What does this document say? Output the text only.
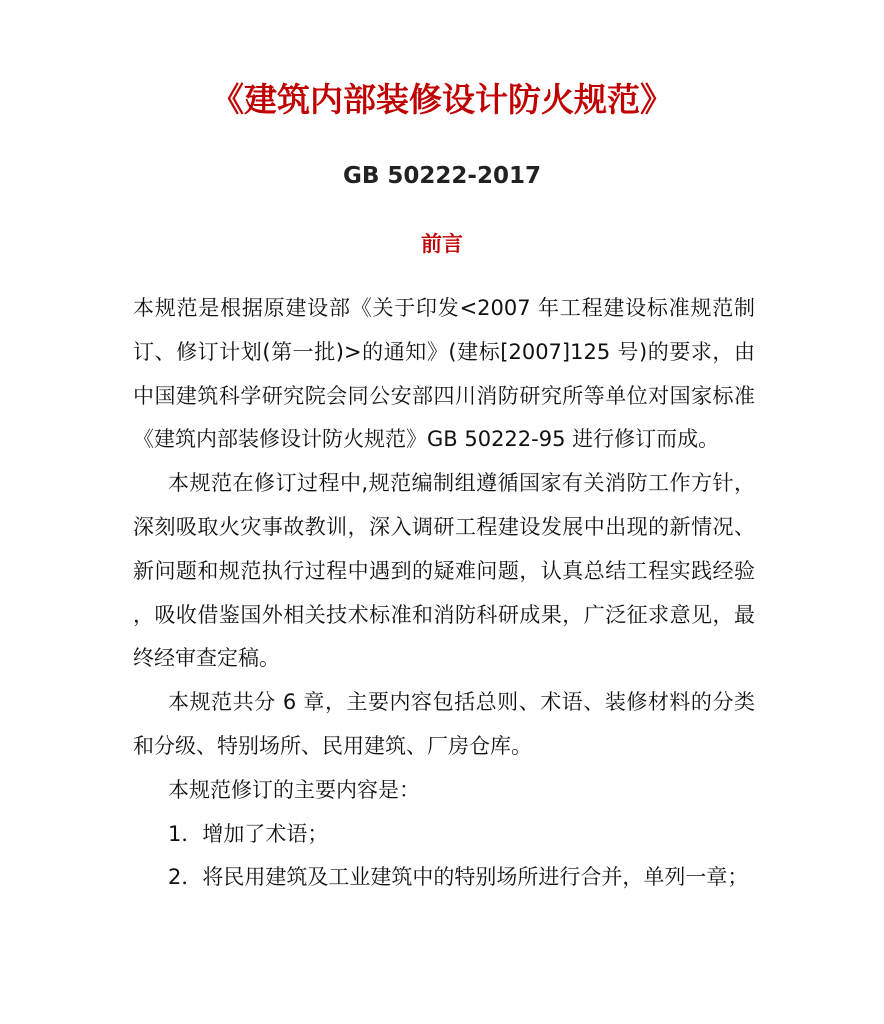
《建筑内部装修设计防火规范》
GB 50222-2017
前言

本规范是根据原建设部《关于印发<2007 年工程建设标准规范制订、修订计划(第一批)>的通知》(建标[2007]125 号)的要求，由中国建筑科学研究院会同公安部四川消防研究所等单位对国家标准《建筑内部装修设计防火规范》GB 50222-95 进行修订而成。

本规范在修订过程中,规范编制组遵循国家有关消防工作方针，深刻吸取火灾事故教训，深入调研工程建设发展中出现的新情况、新问题和规范执行过程中遇到的疑难问题，认真总结工程实践经验，吸收借鉴国外相关技术标准和消防科研成果，广泛征求意见，最终经审查定稿。

本规范共分 6 章，主要内容包括总则、术语、装修材料的分类和分级、特别场所、民用建筑、厂房仓库。

本规范修订的主要内容是：

1．增加了术语；

2．将民用建筑及工业建筑中的特别场所进行合并，单列一章；
